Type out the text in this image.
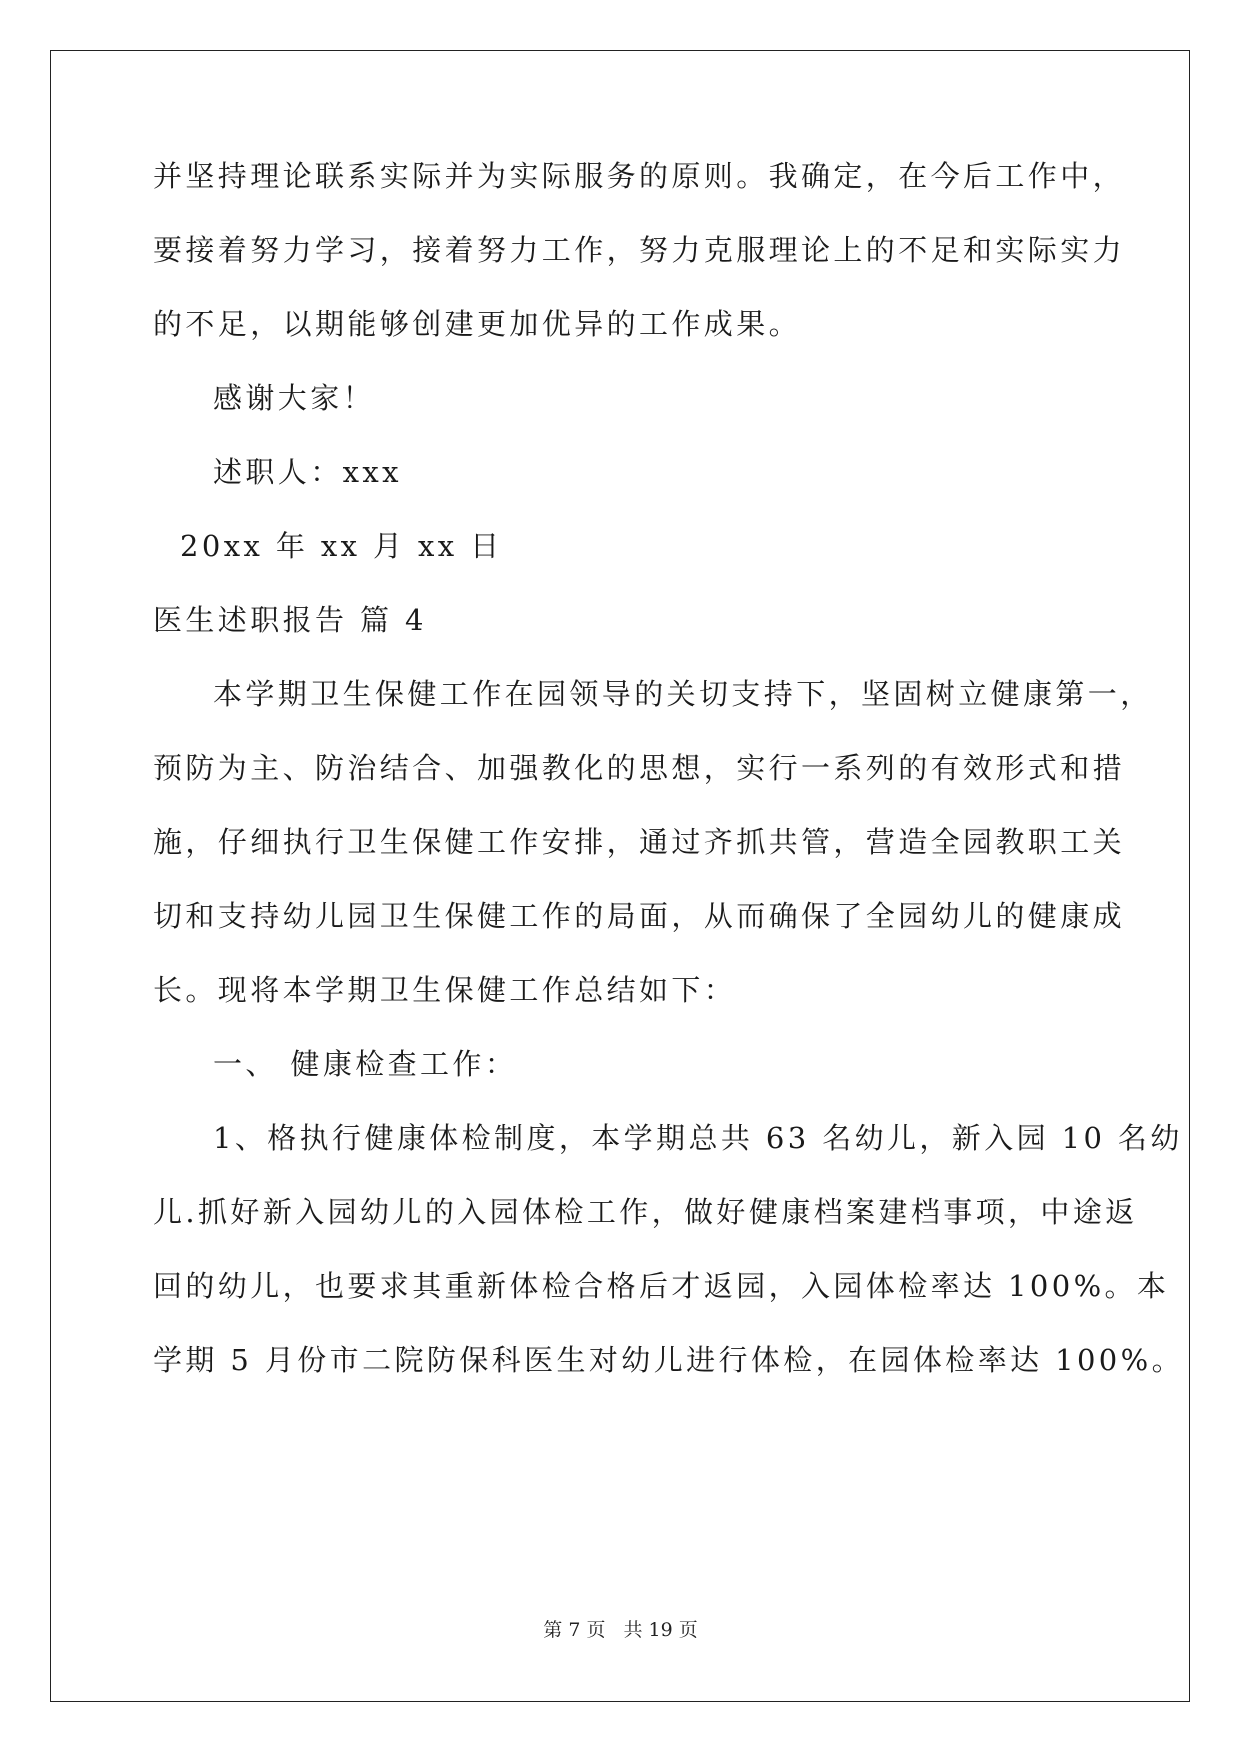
并坚持理论联系实际并为实际服务的原则。我确定，在今后工作中，
要接着努力学习，接着努力工作，努力克服理论上的不足和实际实力
的不足，以期能够创建更加优异的工作成果。
感谢大家！
述职人：xxx
20xx 年 xx 月 xx 日
医生述职报告 篇 4
本学期卫生保健工作在园领导的关切支持下，坚固树立健康第一，
预防为主、防治结合、加强教化的思想，实行一系列的有效形式和措
施，仔细执行卫生保健工作安排，通过齐抓共管，营造全园教职工关
切和支持幼儿园卫生保健工作的局面，从而确保了全园幼儿的健康成
长。现将本学期卫生保健工作总结如下：
一、 健康检查工作：
1、格执行健康体检制度，本学期总共 63 名幼儿，新入园 10 名幼
儿.抓好新入园幼儿的入园体检工作，做好健康档案建档事项，中途返
回的幼儿，也要求其重新体检合格后才返园，入园体检率达 100%。本
学期 5 月份市二院防保科医生对幼儿进行体检，在园体检率达 100%。
第 7 页 共 19 页
